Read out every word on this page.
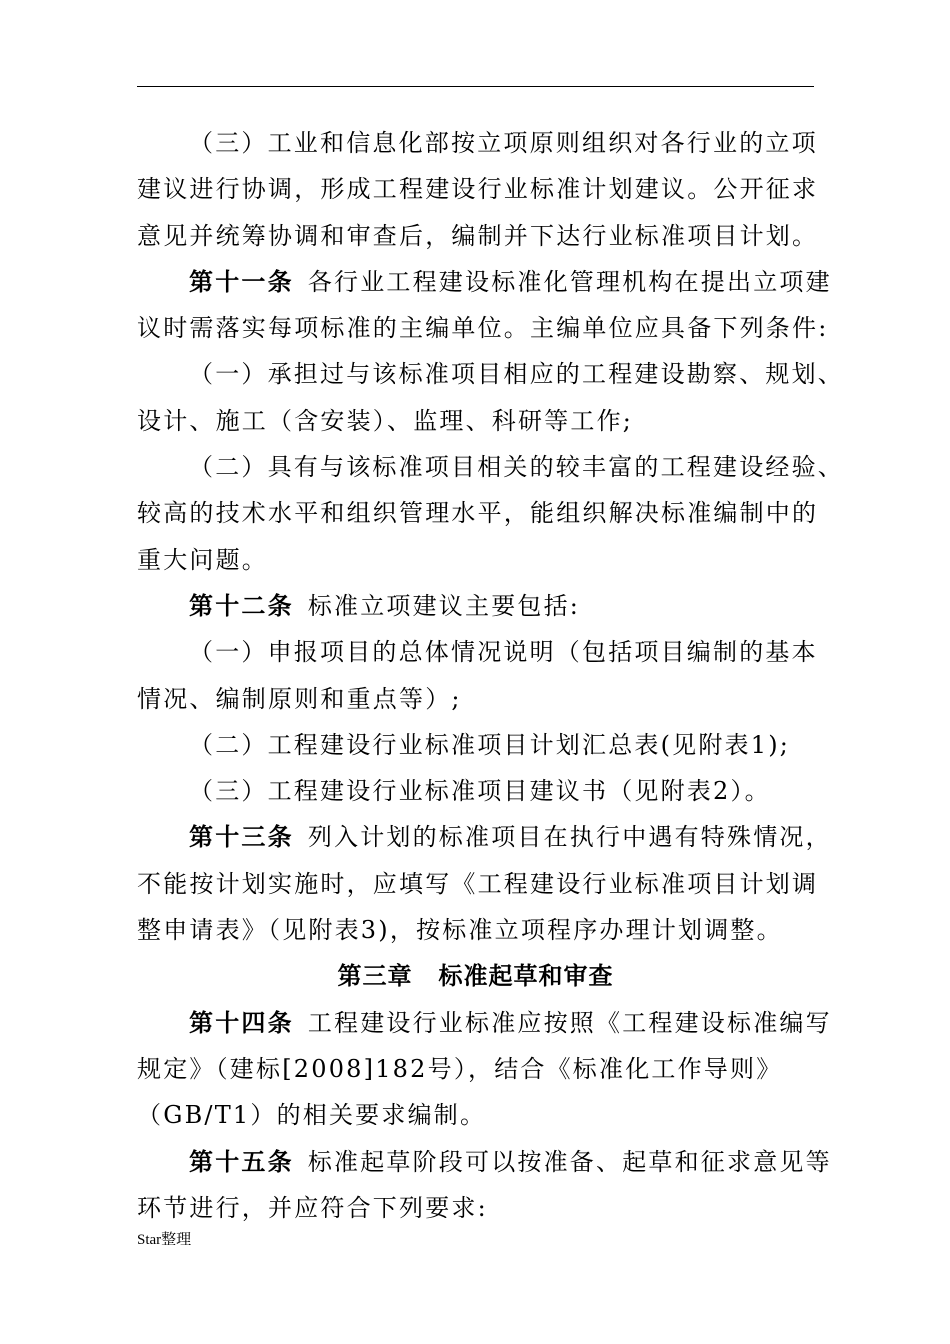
（三）工业和信息化部按立项原则组织对各行业的立项
建议进行协调，形成工程建设行业标准计划建议。公开征求
意见并统筹协调和审查后，编制并下达行业标准项目计划。
第十一条 各行业工程建设标准化管理机构在提出立项建
议时需落实每项标准的主编单位。主编单位应具备下列条件:
（一）承担过与该标准项目相应的工程建设勘察、规划、
设计、施工（含安装）、监理、科研等工作;
（二）具有与该标准项目相关的较丰富的工程建设经验、
较高的技术水平和组织管理水平，能组织解决标准编制中的
重大问题。
第十二条 标准立项建议主要包括:
（一）申报项目的总体情况说明（包括项目编制的基本
情况、编制原则和重点等）;
（二）工程建设行业标准项目计划汇总表(见附表1);
（三）工程建设行业标准项目建议书（见附表2）。
第十三条 列入计划的标准项目在执行中遇有特殊情况，
不能按计划实施时，应填写《工程建设行业标准项目计划调
整申请表》（见附表3)，按标准立项程序办理计划调整。
第三章 标准起草和审查
第十四条 工程建设行业标准应按照《工程建设标准编写
规定》（建标[2008]182号），结合《标准化工作导则》
（GB/T1）的相关要求编制。
第十五条 标准起草阶段可以按准备、起草和征求意见等
环节进行，并应符合下列要求:
Star整理
